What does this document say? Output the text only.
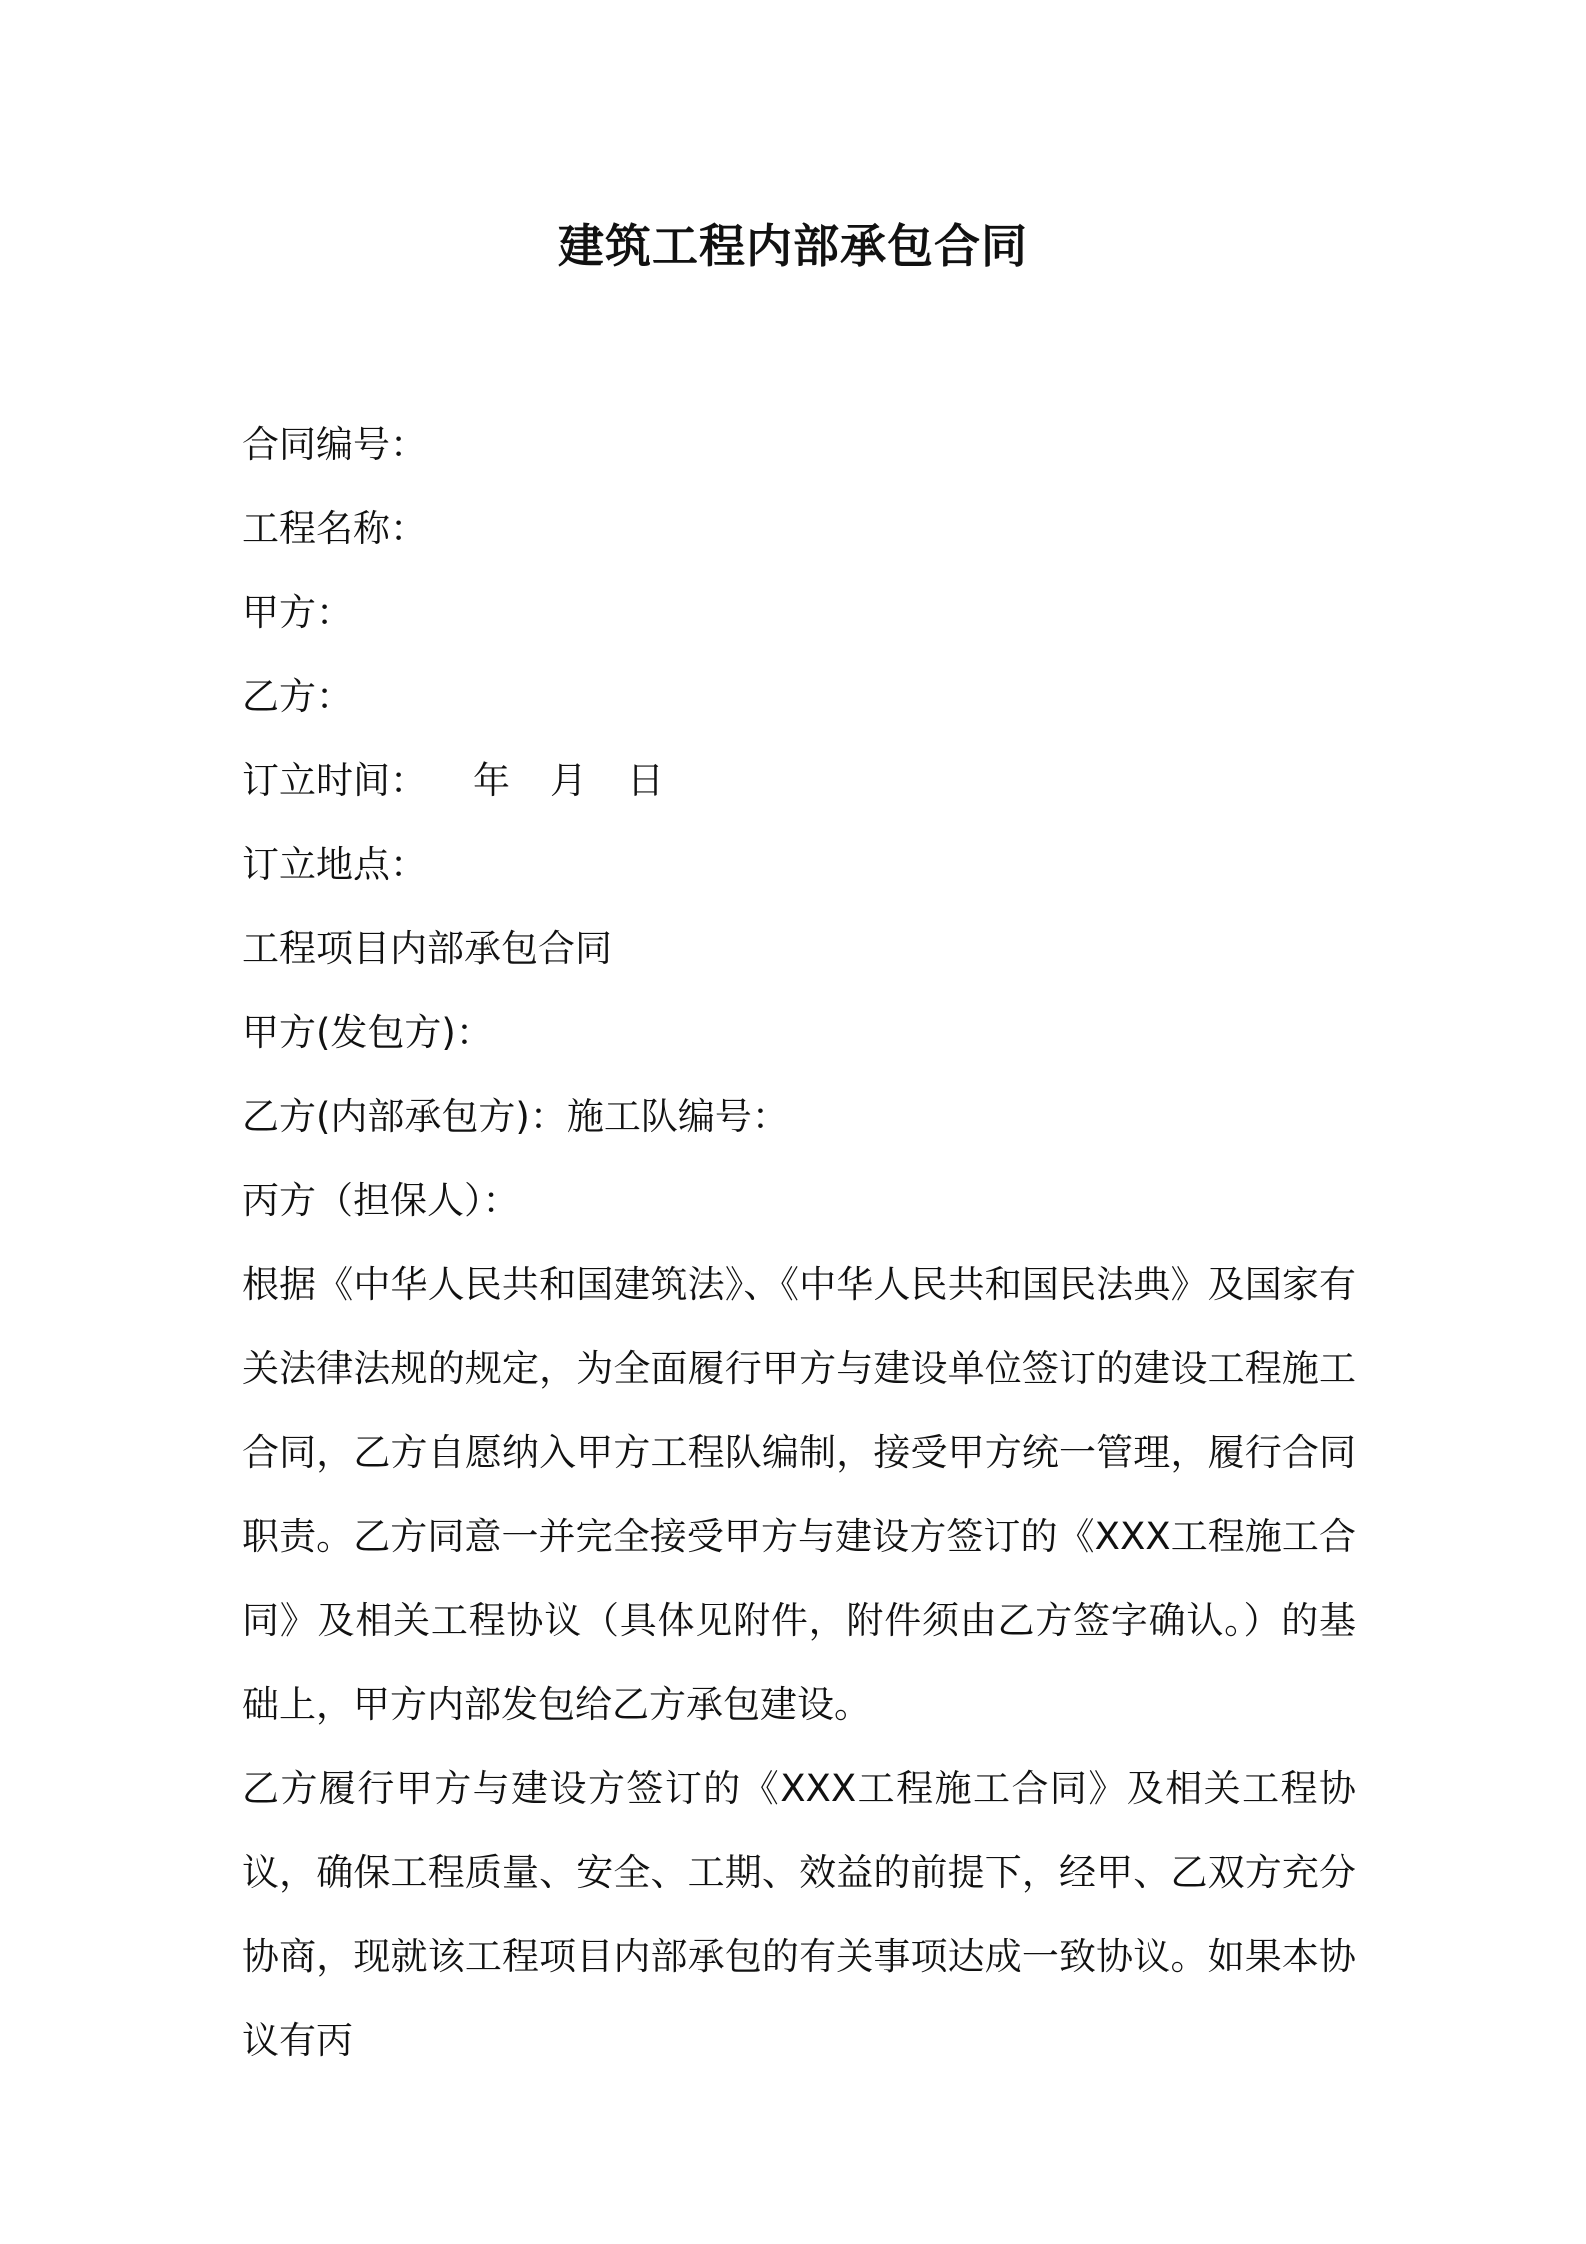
建筑工程内部承包合同
合同编号：
工程名称：
甲方：
乙方：
订立时间： 年 月 日
订立地点：
工程项目内部承包合同
甲方(发包方)：
乙方(内部承包方)：施工队编号：
丙方（担保人）：
根据《中华人民共和国建筑法》、《中华人民共和国民法典》及国家有关法律法规的规定，为全面履行甲方与建设单位签订的建设工程施工合同，乙方自愿纳入甲方工程队编制，接受甲方统一管理，履行合同职责。乙方同意一并完全接受甲方与建设方签订的《XXX工程施工合同》及相关工程协议（具体见附件，附件须由乙方签字确认。）的基础上，甲方内部发包给乙方承包建设。
乙方履行甲方与建设方签订的《XXX工程施工合同》及相关工程协议，确保工程质量、安全、工期、效益的前提下，经甲、乙双方充分协商，现就该工程项目内部承包的有关事项达成一致协议。如果本协议有丙
